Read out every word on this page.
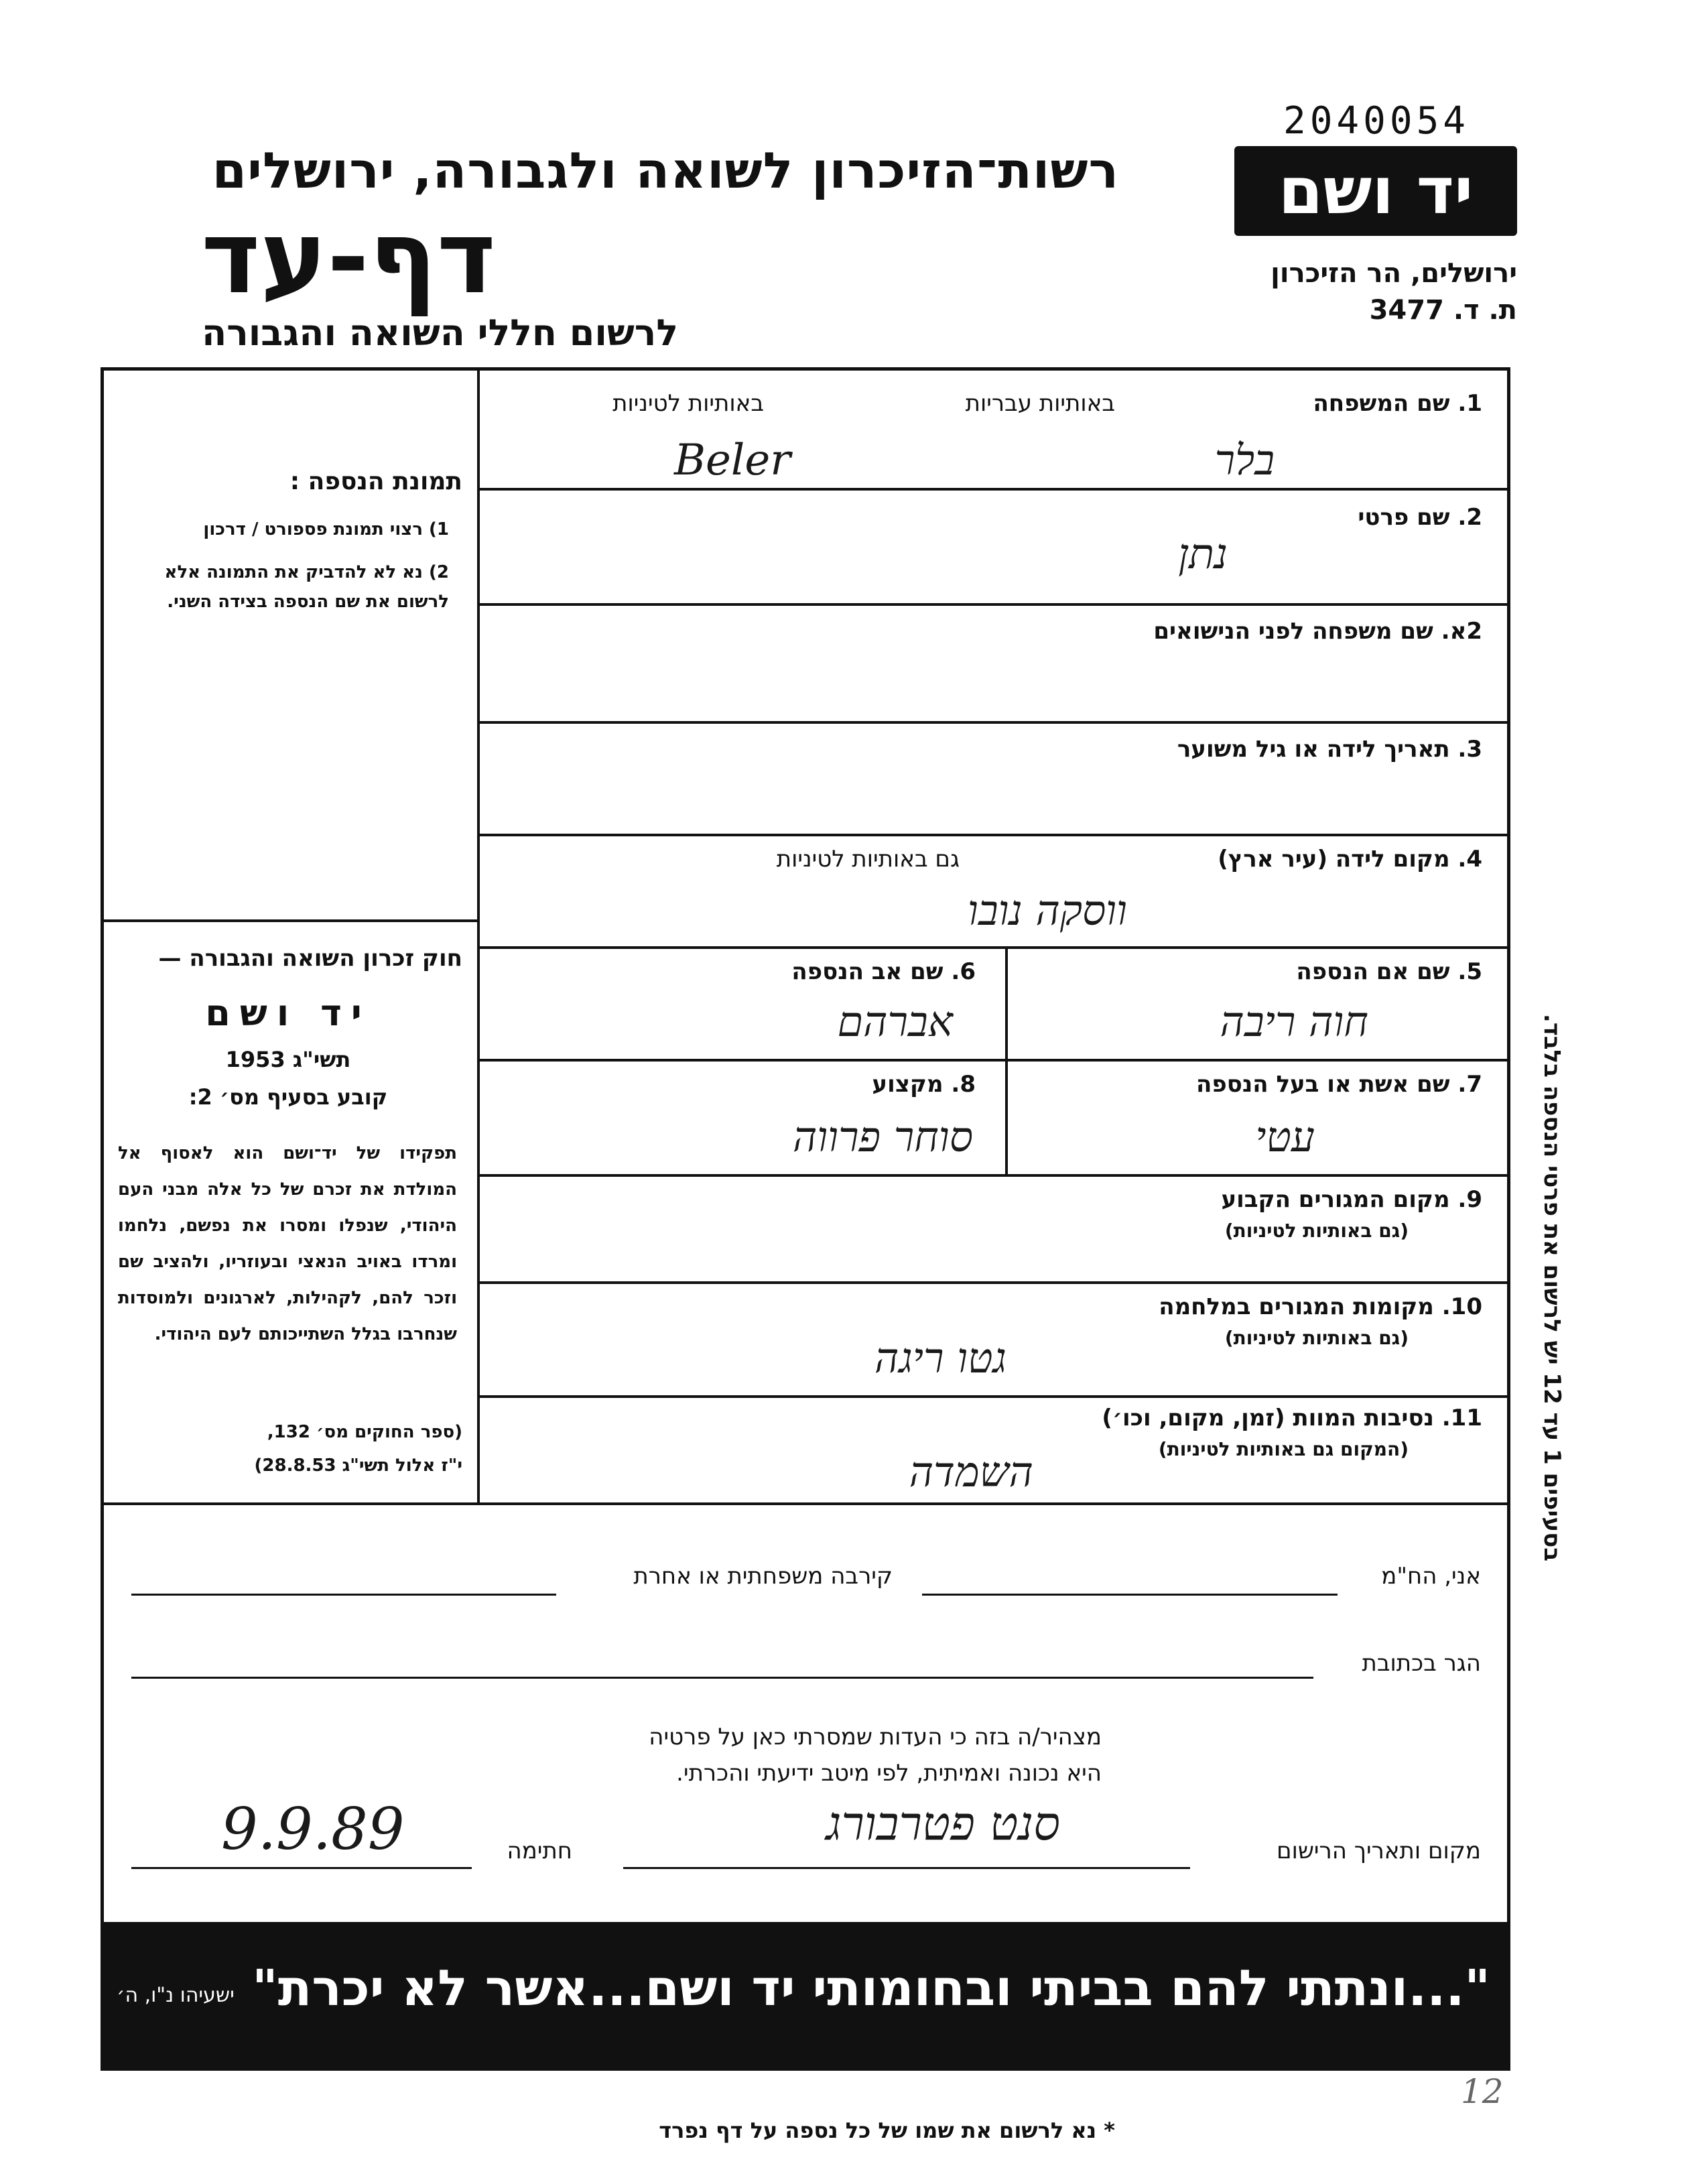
2040054
רשות־הזיכרון לשואה ולגבורה, ירושלים
דף-עד
לרשום חללי השואה והגבורה
יד ושם
ירושלים, הר הזיכרון
ת. ד. 3477
תמונת הנספה :
1) רצוי תמונת פספורט / דרכון
2) נא לא להדביק את התמונה אלא לרשום את שם הנספה בצידה השני.
חוק זכרון השואה והגבורה —
יד ושם
תשי"ג 1953
קובע בסעיף מס׳ 2:
תפקידו של יד־ושם הוא לאסוף אל המולדת את זכרם של כל אלה מבני העם היהודי, שנפלו ומסרו את נפשם, נלחמו ומרדו באויב הנאצי ובעוזריו, ולהציב שם וזכר להם, לקהילות, לארגונים ולמוסדות שנחרבו בגלל השתייכותם לעם היהודי.
(ספר החוקים מס׳ 132,
י"ז אלול תשי"ג 28.8.53)
1. שם המשפחה
באותיות עבריות
באותיות לטיניות
בלר
Beler
2. שם פרטי
נתן
2א. שם משפחה לפני הנישואים
3. תאריך לידה או גיל משוער
4. מקום לידה (עיר ארץ)
גם באותיות לטיניות
ווסקה נובו
5. שם אם הנספה
חוה ריבה
6. שם אב הנספה
אברהם
7. שם אשת או בעל הנספה
עטי
8. מקצוע
סוחר פרווה
9. מקום המגורים הקבוע
(גם באותיות לטיניות)
10. מקומות המגורים במלחמה
(גם באותיות לטיניות)
גטו ריגה
11. נסיבות המוות (זמן, מקום, וכו׳)
(המקום גם באותיות לטיניות)
השמדה
בסעיפים 1 עד 12 יש לרשום את פרטי הנספה בלבד.
אני, הח"מ
קירבה משפחתית או אחרת
הגר בכתובת
מצהיר/ה בזה כי העדות שמסרתי כאן על פרטיה
היא נכונה ואמיתית, לפי מיטב ידיעתי והכרתי.
מקום ותאריך הרישום
סנט פטרבורג
חתימה
9.9.89
"...ונתתי להם בביתי ובחומותי יד ושם...אשר לא יכרת"
ישעיהו נ"ו, ה׳
12
* נא לרשום את שמו של כל נספה על דף נפרד
